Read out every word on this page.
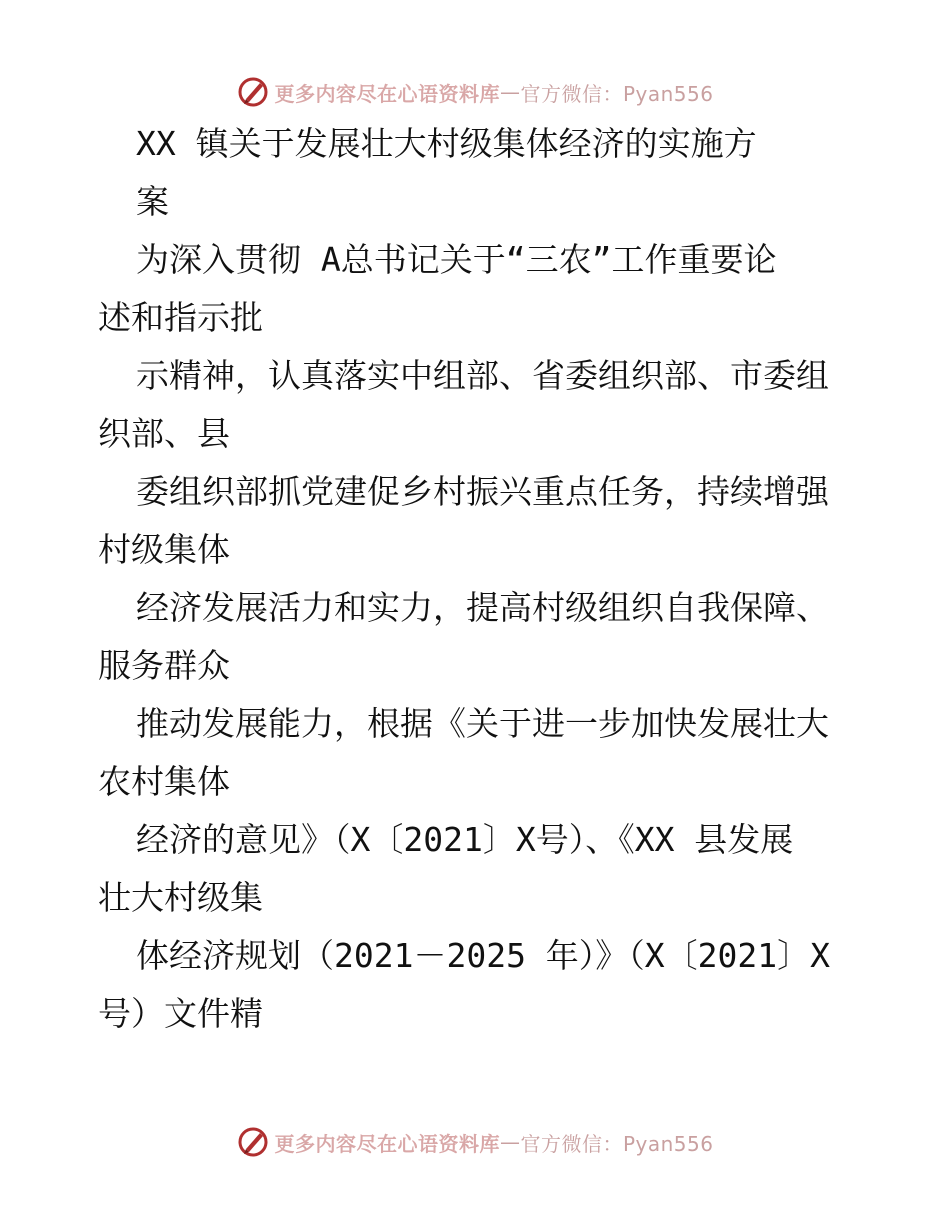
更多内容尽在心语资料库 — 官方微信：Pyan556
XX 镇关于发展壮大村级集体经济的实施方
案
为深入贯彻 A总书记关于“三农”工作重要论
述和指示批
示精神，认真落实中组部、省委组织部、市委组
织部、县
委组织部抓党建促乡村振兴重点任务，持续增强
村级集体
经济发展活力和实力，提高村级组织自我保障、
服务群众
推动发展能力，根据《关于进一步加快发展壮大
农村集体
经济的意见》（X〔2021〕X号）、《XX 县发展
壮大村级集
体经济规划（2021－2025 年）》（X〔2021〕X
号）文件精
更多内容尽在心语资料库 — 官方微信：Pyan556
